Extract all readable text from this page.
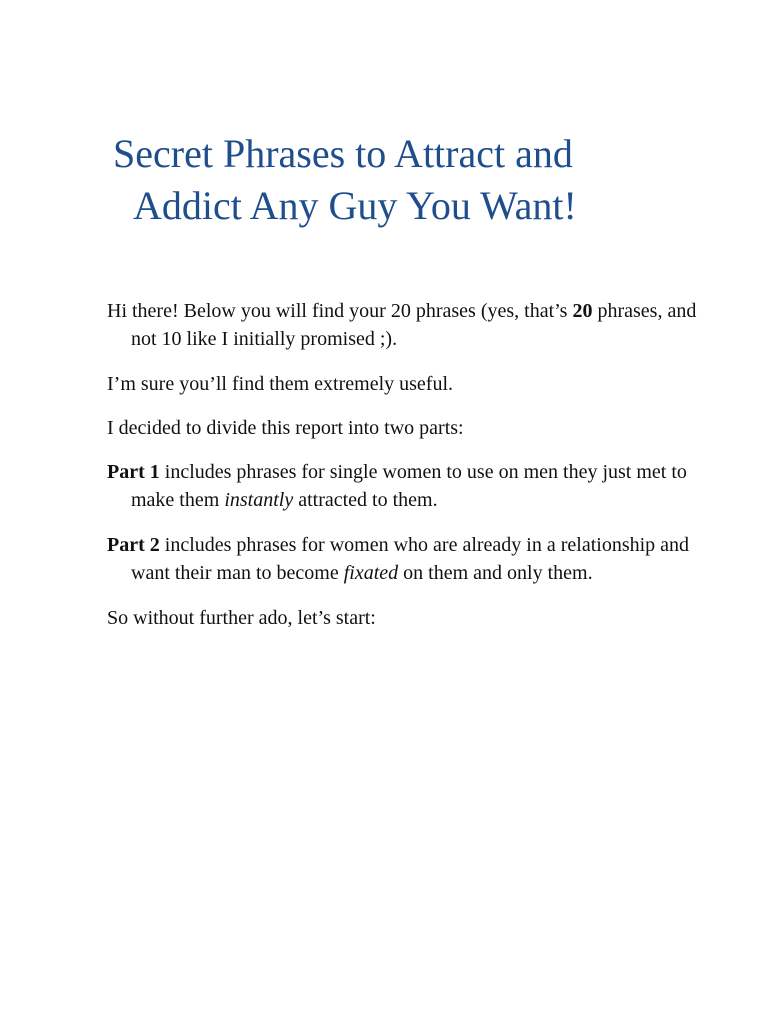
Secret Phrases to Attract and
Addict Any Guy You Want!

Hi there! Below you will find your 20 phrases (yes, that’s 20 phrases, and not 10 like I initially promised ;).

I’m sure you’ll find them extremely useful.

I decided to divide this report into two parts:

Part 1 includes phrases for single women to use on men they just met to make them instantly attracted to them.

Part 2 includes phrases for women who are already in a relationship and want their man to become fixated on them and only them.

So without further ado, let’s start:
